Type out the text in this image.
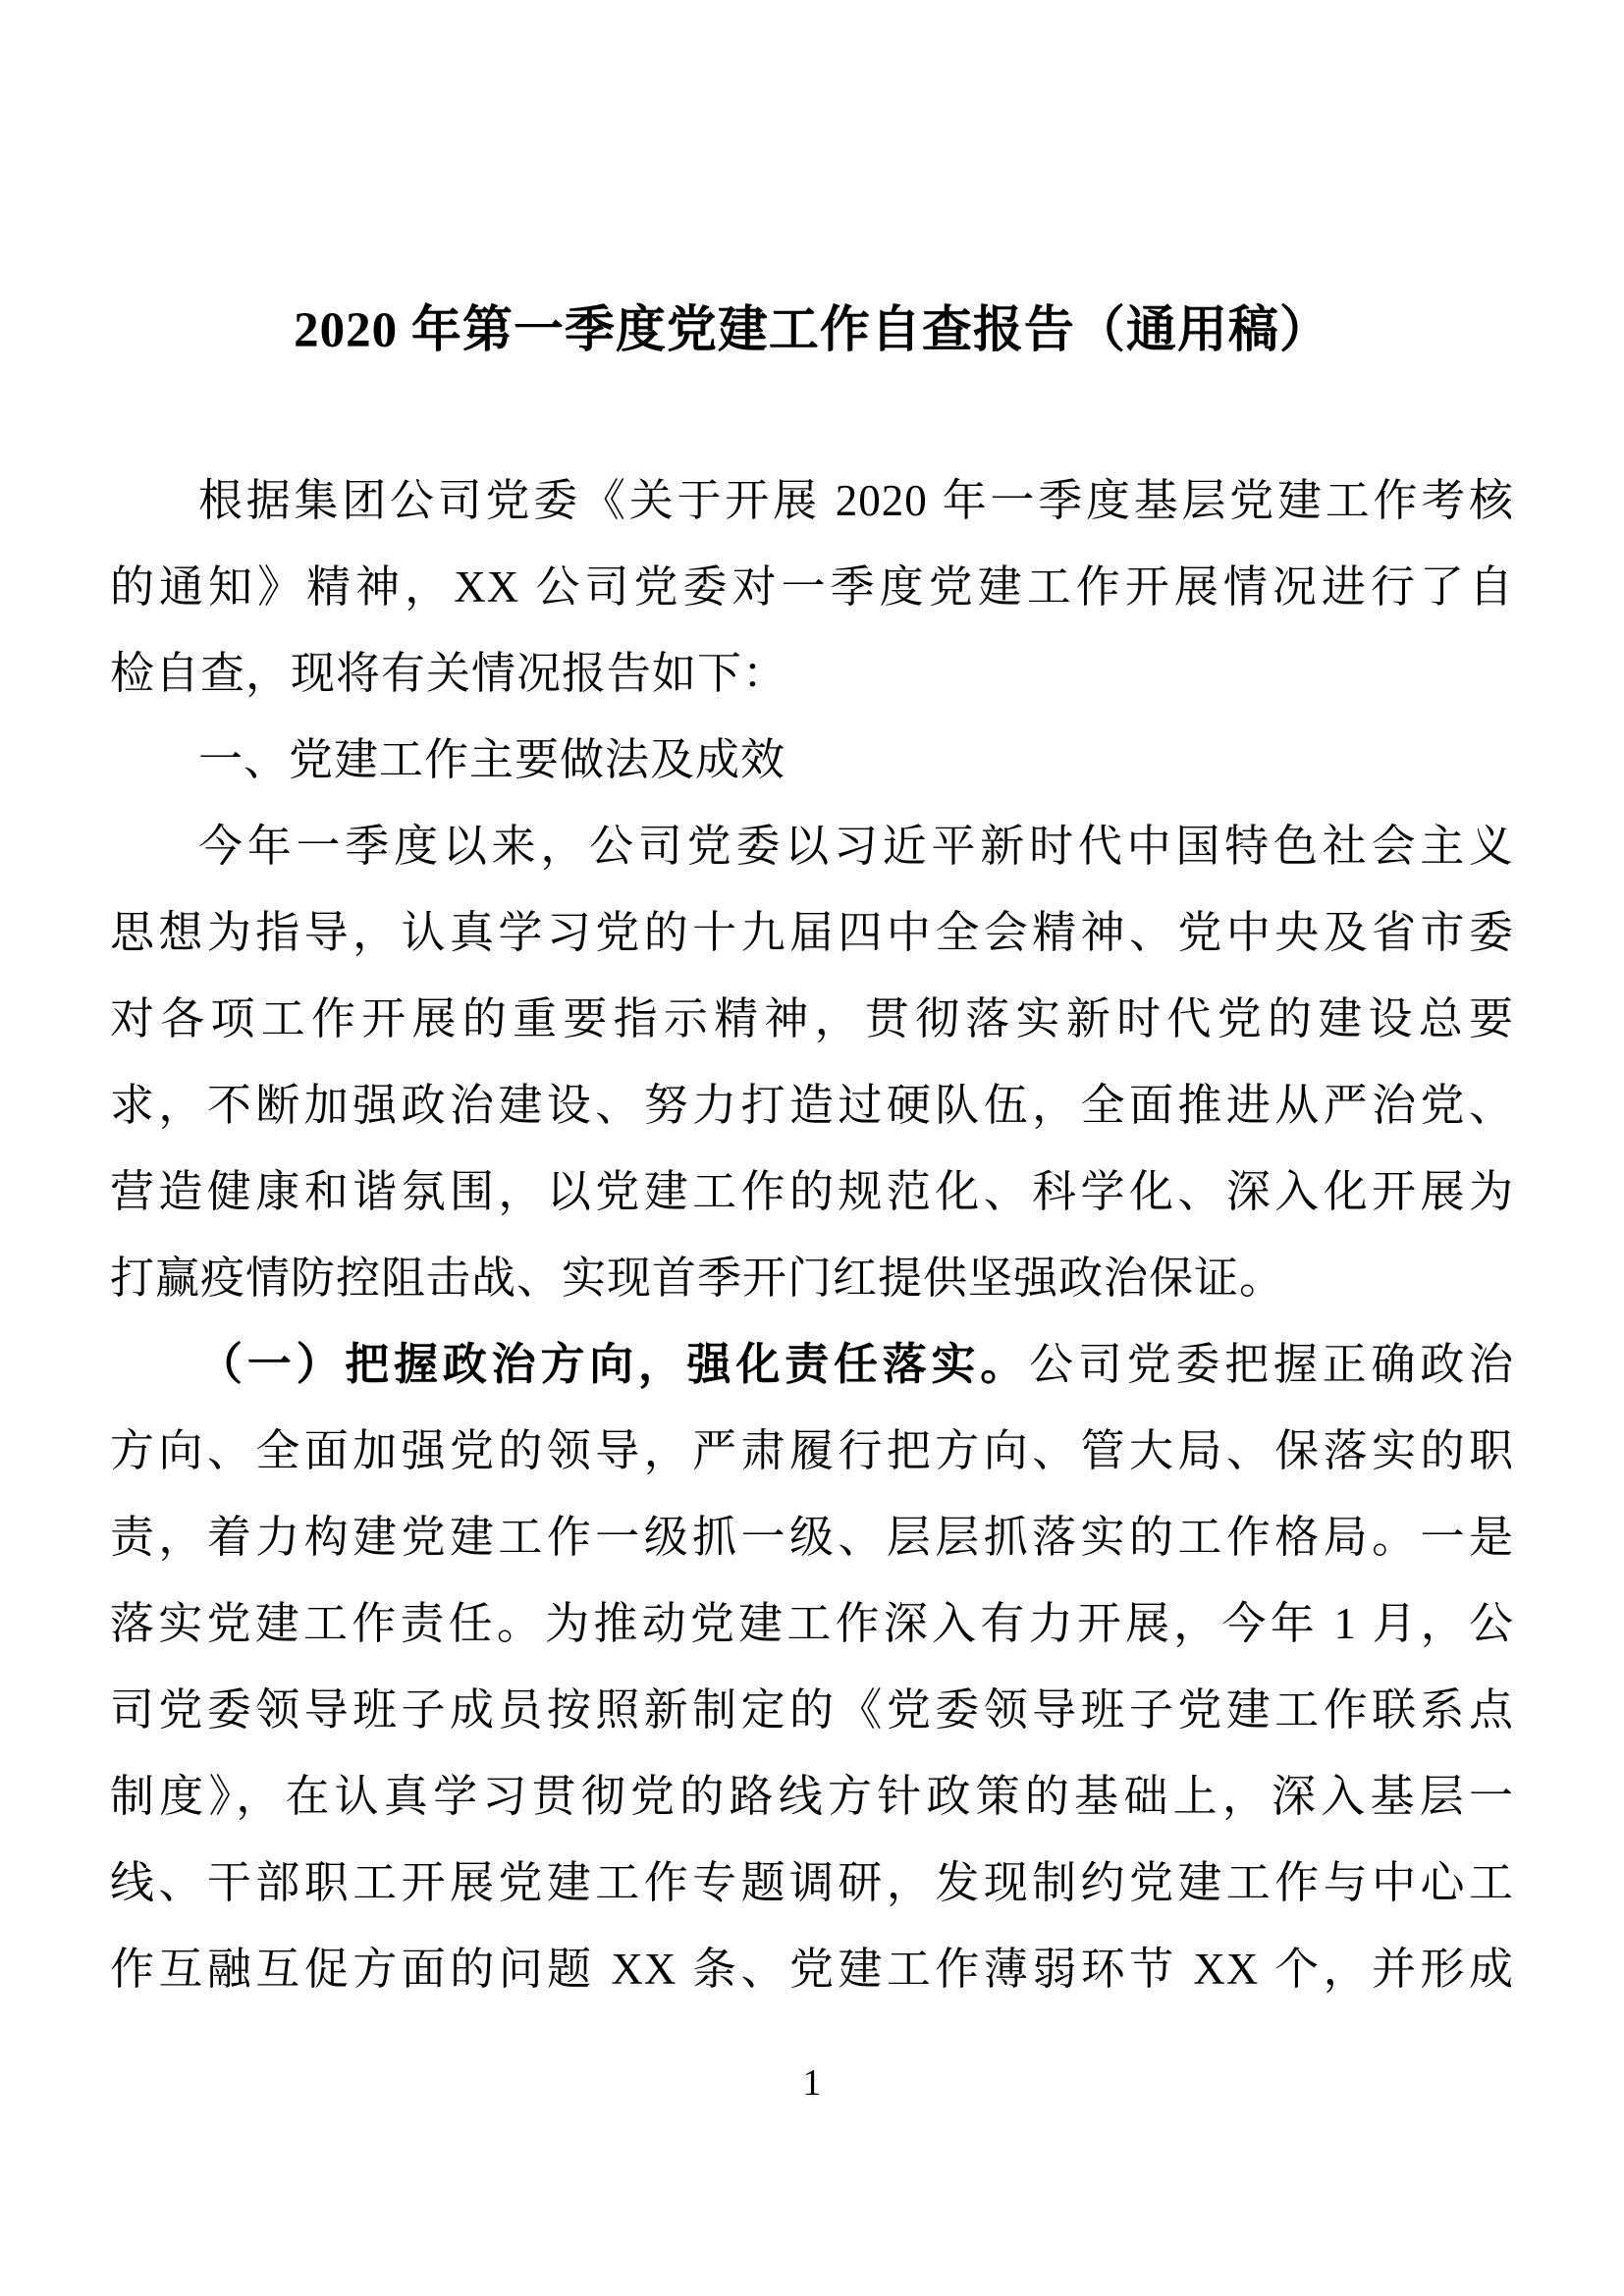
2020 年第一季度党建工作自查报告（通用稿）
根据集团公司党委《关于开展 2020 年一季度基层党建工作考核
的通知》精神，XX 公司党委对一季度党建工作开展情况进行了自
检自查，现将有关情况报告如下：
一、党建工作主要做法及成效
今年一季度以来，公司党委以习近平新时代中国特色社会主义
思想为指导，认真学习党的十九届四中全会精神、党中央及省市委
对各项工作开展的重要指示精神，贯彻落实新时代党的建设总要
求，不断加强政治建设、努力打造过硬队伍，全面推进从严治党、
营造健康和谐氛围，以党建工作的规范化、科学化、深入化开展为
打赢疫情防控阻击战、实现首季开门红提供坚强政治保证。
（一）把握政治方向，强化责任落实。公司党委把握正确政治
方向、全面加强党的领导，严肃履行把方向、管大局、保落实的职
责，着力构建党建工作一级抓一级、层层抓落实的工作格局。一是
落实党建工作责任。为推动党建工作深入有力开展，今年 1 月，公
司党委领导班子成员按照新制定的《党委领导班子党建工作联系点
制度》，在认真学习贯彻党的路线方针政策的基础上，深入基层一
线、干部职工开展党建工作专题调研，发现制约党建工作与中心工
作互融互促方面的问题 XX 条、党建工作薄弱环节 XX 个，并形成
1
